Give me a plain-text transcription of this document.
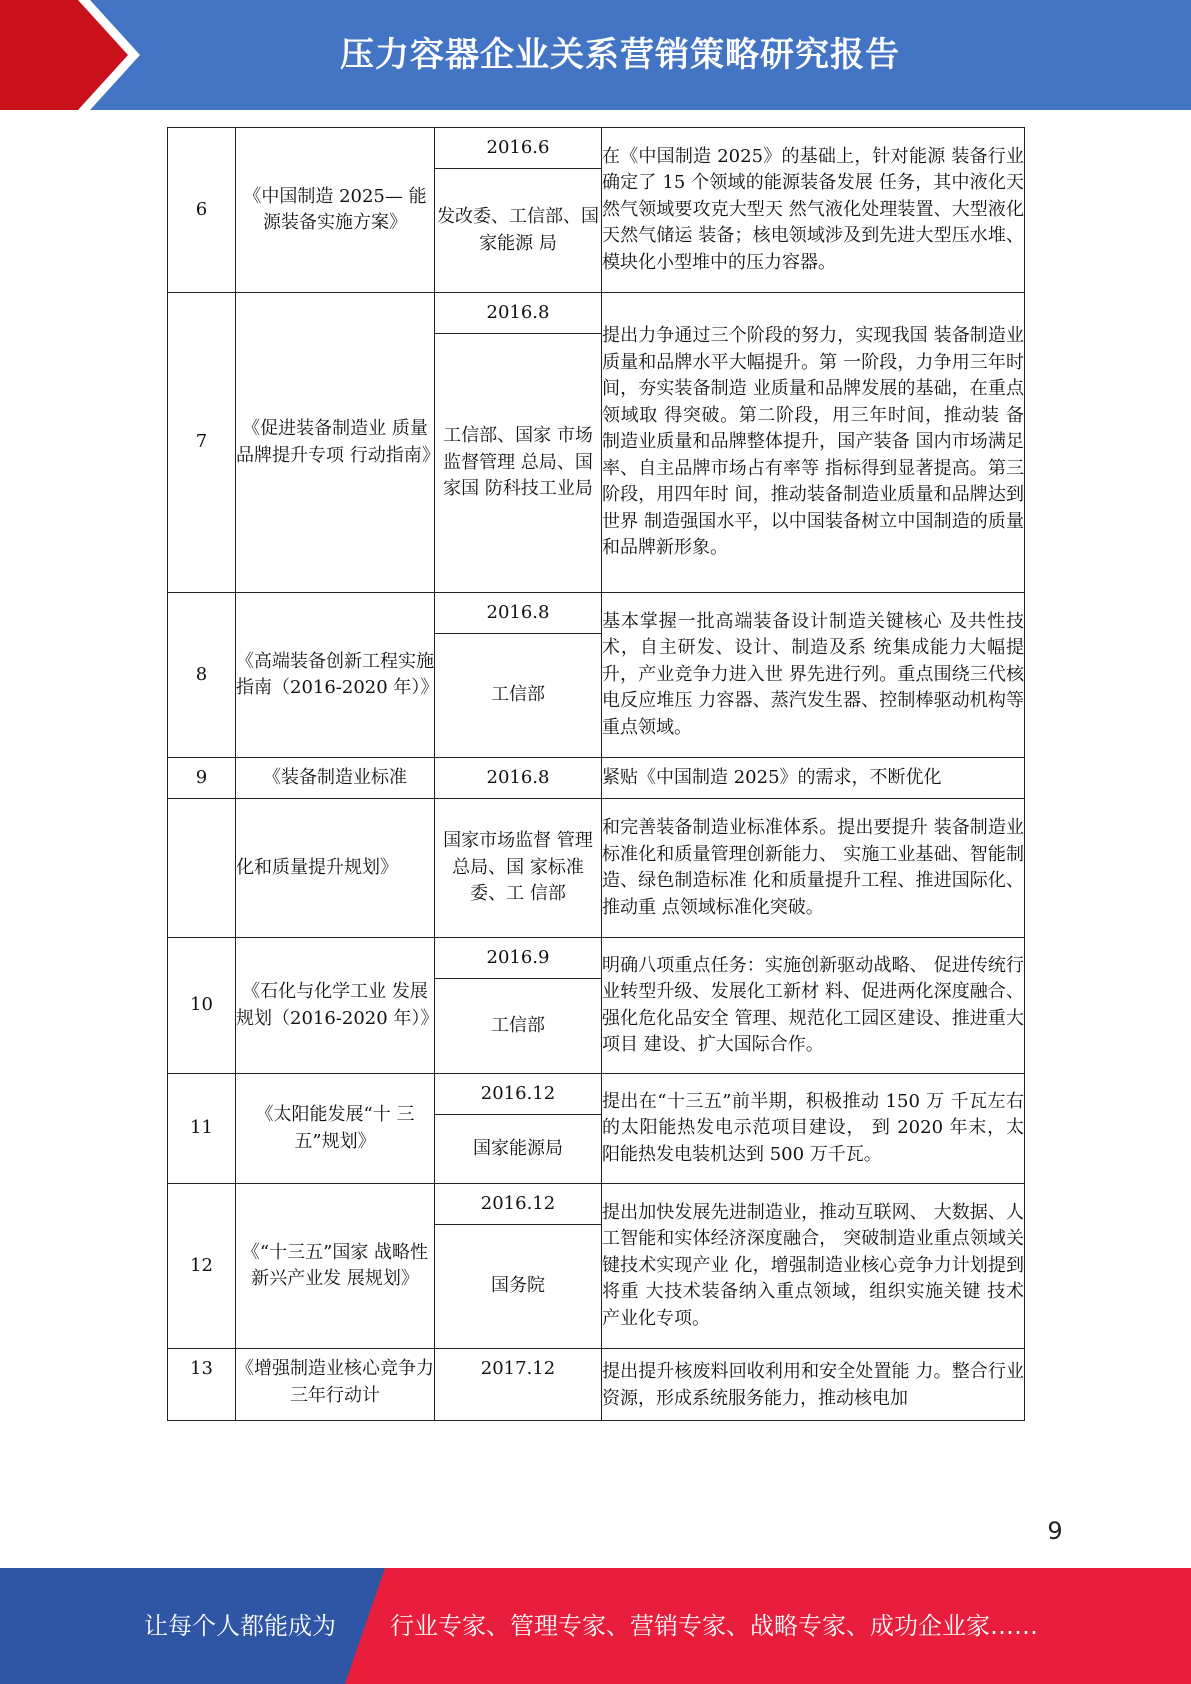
压力容器企业关系营销策略研究报告
6	《中国制造 2025— 能源装备实施方案》	2016.6	在《中国制造 2025》的基础上，针对能源 装备行业确定了 15 个领域的能源装备发展 任务，其中液化天然气领域要攻克大型天 然气液化处理装置、大型液化天然气储运 装备；核电领域涉及到先进大型压水堆、 模块化小型堆中的压力容器。
		发改委、工信部、国家能源 局	
7	《促进装备制造业 质量品牌提升专项 行动指南》	2016.8	提出力争通过三个阶段的努力，实现我国 装备制造业质量和品牌水平大幅提升。第 一阶段，力争用三年时间，夯实装备制造 业质量和品牌发展的基础，在重点领域取 得突破。第二阶段，用三年时间，推动装 备制造业质量和品牌整体提升，国产装备 国内市场满足率、自主品牌市场占有率等 指标得到显著提高。第三阶段，用四年时 间，推动装备制造业质量和品牌达到世界 制造强国水平，以中国装备树立中国制造的质量和品牌新形象。
		工信部、国家 市场监督管理 总局、国家国 防科技工业局	
8	《高端装备创新工程实施指南（2016-2020 年）》	2016.8	基本掌握一批高端装备设计制造关键核心 及共性技术，自主研发、设计、制造及系 统集成能力大幅提升，产业竞争力进入世 界先进行列。重点围绕三代核电反应堆压 力容器、蒸汽发生器、控制棒驱动机构等 重点领域。
		工信部	
9	《装备制造业标准	2016.8	紧贴《中国制造 2025》的需求，不断优化
	化和质量提升规划》	国家市场监督 管理总局、国 家标准委、工 信部	和完善装备制造业标准体系。提出要提升 装备制造业标准化和质量管理创新能力、 实施工业基础、智能制造、绿色制造标准 化和质量提升工程、推进国际化、推动重 点领域标准化突破。
10	《石化与化学工业 发展规划（2016-2020 年）》	2016.9	明确八项重点任务：实施创新驱动战略、 促进传统行业转型升级、发展化工新材 料、促进两化深度融合、强化危化品安全 管理、规范化工园区建设、推进重大项目 建设、扩大国际合作。
		工信部	
11	《太阳能发展“十 三五”规划》	2016.12	提出在“十三五”前半期，积极推动 150 万 千瓦左右的太阳能热发电示范项目建设， 到 2020 年末，太阳能热发电装机达到 500 万千瓦。
		国家能源局	
12	《“十三五”国家 战略性新兴产业发 展规划》	2016.12	提出加快发展先进制造业，推动互联网、 大数据、人工智能和实体经济深度融合， 突破制造业重点领域关键技术实现产业 化，增强制造业核心竞争力计划提到将重 大技术装备纳入重点领域，组织实施关键 技术产业化专项。
		国务院	
13	《增强制造业核心竞争力三年行动计	2017.12	提出提升核废料回收利用和安全处置能 力。整合行业资源，形成系统服务能力，推动核电加
9
让每个人都能成为	行业专家、管理专家、营销专家、战略专家、成功企业家……
